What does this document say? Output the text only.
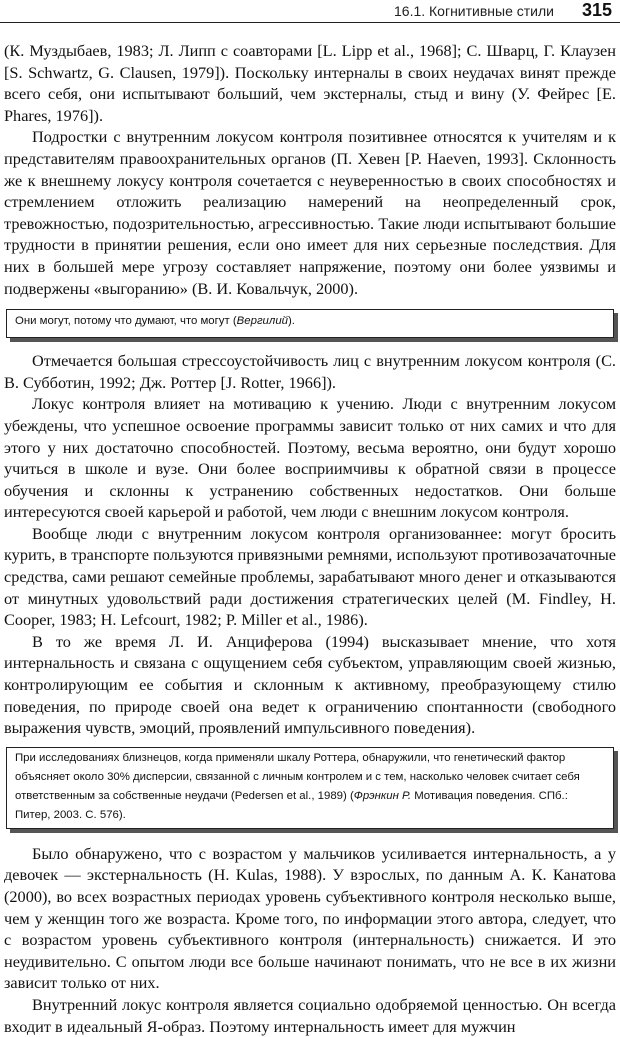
16.1. Когнитивные стили 315

(К. Муздыбаев, 1983; Л. Липп с соавторами [L. Lipp et al., 1968]; С. Шварц, Г. Клаузен [S. Schwartz, G. Clausen, 1979]). Поскольку интерналы в своих неудачах винят прежде всего себя, они испытывают больший, чем экстерналы, стыд и вину (У. Фейрес [E. Phares, 1976]).

Подростки с внутренним локусом контроля позитивнее относятся к учителям и к представителям правоохранительных органов (П. Хевен [P. Haeven, 1993]. Склонность же к внешнему локусу контроля сочетается с неуверенностью в своих способностях и стремлением отложить реализацию намерений на неопределенный срок, тревожностью, подозрительностью, агрессивностью. Такие люди испытывают большие трудности в принятии решения, если оно имеет для них серьезные последствия. Для них в большей мере угрозу составляет напряжение, поэтому они более уязвимы и подвержены «выгоранию» (В. И. Ковальчук, 2000).

Они могут, потому что думают, что могут (Вергилий).

Отмечается большая стрессоустойчивость лиц с внутренним локусом контроля (С. В. Субботин, 1992; Дж. Роттер [J. Rotter, 1966]).

Локус контроля влияет на мотивацию к учению. Люди с внутренним локусом убеждены, что успешное освоение программы зависит только от них самих и что для этого у них достаточно способностей. Поэтому, весьма вероятно, они будут хорошо учиться в школе и вузе. Они более восприимчивы к обратной связи в процессе обучения и склонны к устранению собственных недостатков. Они больше интересуются своей карьерой и работой, чем люди с внешним локусом контроля.

Вообще люди с внутренним локусом контроля организованнее: могут бросить курить, в транспорте пользуются привязными ремнями, используют противозачаточные средства, сами решают семейные проблемы, зарабатывают много денег и отказываются от минутных удовольствий ради достижения стратегических целей (M. Findley, H. Cooper, 1983; H. Lefcourt, 1982; P. Miller et al., 1986).

В то же время Л. И. Анциферова (1994) высказывает мнение, что хотя интернальность и связана с ощущением себя субъектом, управляющим своей жизнью, контролирующим ее события и склонным к активному, преобразующему стилю поведения, по природе своей она ведет к ограничению спонтанности (свободного выражения чувств, эмоций, проявлений импульсивного поведения).

При исследованиях близнецов, когда применяли шкалу Роттера, обнаружили, что генетический фактор объясняет около 30% дисперсии, связанной с личным контролем и с тем, насколько человек считает себя ответственным за собственные неудачи (Pedersen et al., 1989) (Фрэнкин Р. Мотивация поведения. СПб.: Питер, 2003. С. 576).

Было обнаружено, что с возрастом у мальчиков усиливается интернальность, а у девочек — экстернальность (H. Kulas, 1988). У взрослых, по данным А. К. Канатова (2000), во всех возрастных периодах уровень субъективного контроля несколько выше, чем у женщин того же возраста. Кроме того, по информации этого автора, следует, что с возрастом уровень субъективного контроля (интернальность) снижается. И это неудивительно. С опытом люди все больше начинают понимать, что не все в их жизни зависит только от них.

Внутренний локус контроля является социально одобряемой ценностью. Он всегда входит в идеальный Я-образ. Поэтому интернальность имеет для мужчин
